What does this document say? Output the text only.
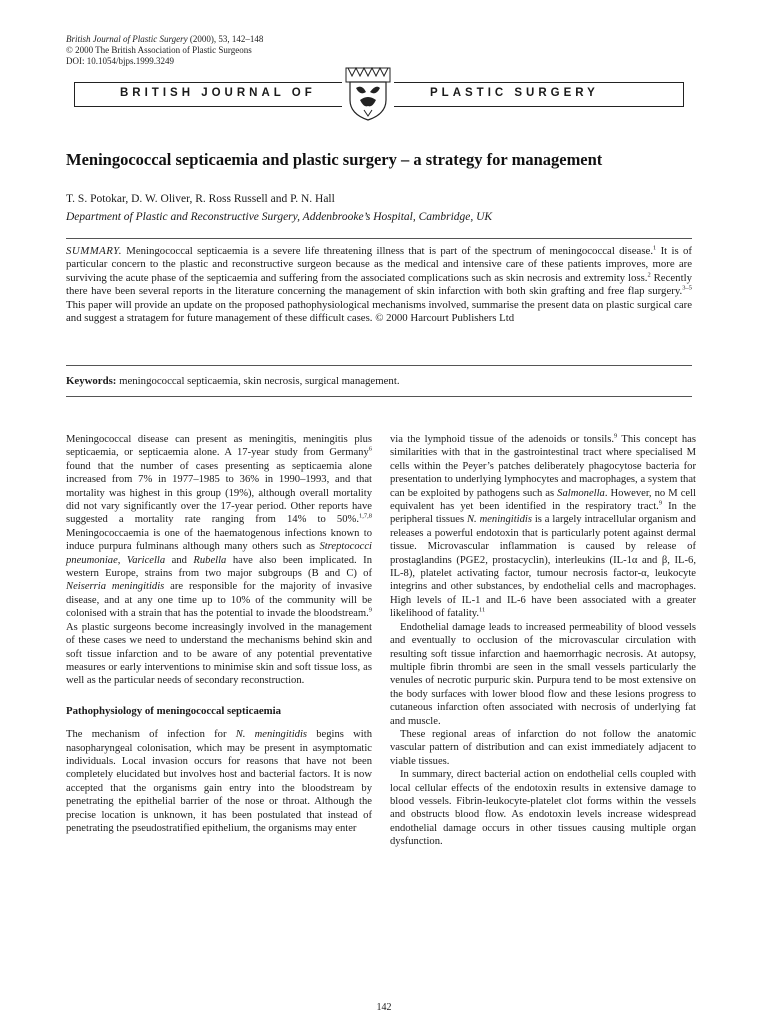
British Journal of Plastic Surgery (2000), 53, 142–148
© 2000 The British Association of Plastic Surgeons
DOI: 10.1054/bjps.1999.3249
BRITISH JOURNAL OF	PLASTIC SURGERY
Meningococcal septicaemia and plastic surgery – a strategy for management
T. S. Potokar, D. W. Oliver, R. Ross Russell and P. N. Hall
Department of Plastic and Reconstructive Surgery, Addenbrooke’s Hospital, Cambridge, UK
SUMMARY. Meningococcal septicaemia is a severe life threatening illness that is part of the spectrum of meningococcal disease.$^1$ It is of particular concern to the plastic and reconstructive surgeon because as the medical and intensive care of these patients improves, more are surviving the acute phase of the septicaemia and suffering from the associated complications such as skin necrosis and extremity loss.$^2$ Recently there have been several reports in the literature concerning the management of skin infarction with both skin grafting and free flap surgery.$^{3-5}$ This paper will provide an update on the proposed pathophysiological mechanisms involved, summarise the present data on plastic surgical care and suggest a stratagem for future management of these difficult cases. © 2000 Harcourt Publishers Ltd
Keywords: meningococcal septicaemia, skin necrosis, surgical management.

Meningococcal disease can present as meningitis, meningitis plus septicaemia, or septicaemia alone. A 17-year study from Germany$^6$ found that the number of cases presenting as septicaemia alone increased from 7% in 1977–1985 to 36% in 1990–1993, and that mortality was highest in this group (19%), although overall mortality did not vary significantly over the 17-year period. Other reports have suggested a mortality rate ranging from 14% to 50%.$^{1,7,8}$ Meningococcaemia is one of the haematogenous infections known to induce purpura fulminans although many others such as Streptococci pneumoniae, Varicella and Rubella have also been implicated. In western Europe, strains from two major subgroups (B and C) of Neiserria meningitidis are responsible for the majority of invasive disease, and at any one time up to 10% of the community will be colonised with a strain that has the potential to invade the bloodstream.$^9$ As plastic surgeons become increasingly involved in the management of these cases we need to understand the mechanisms behind skin and soft tissue infarction and to be aware of any potential preventative measures or early interventions to minimise skin and soft tissue loss, as well as the particular needs of secondary reconstruction.

Pathophysiology of meningococcal septicaemia

The mechanism of infection for N. meningitidis begins with nasopharyngeal colonisation, which may be present in asymptomatic individuals. Local invasion occurs for reasons that have not been completely elucidated but involves host and bacterial factors. It is now accepted that the organisms gain entry into the bloodstream by penetrating the epithelial barrier of the nose or throat. Although the precise location is unknown, it has been postulated that instead of penetrating the pseudostratified epithelium, the organisms may enter

via the lymphoid tissue of the adenoids or tonsils.$^9$ This concept has similarities with that in the gastrointestinal tract where specialised M cells within the Peyer’s patches deliberately phagocytose bacteria for presentation to underlying lymphocytes and macrophages, a system that can be exploited by pathogens such as Salmonella. However, no M cell equivalent has yet been identified in the respiratory tract.$^9$ In the peripheral tissues N. meningitidis is a largely intracellular organism and releases a powerful endotoxin that is particularly potent against dermal tissue. Microvascular inflammation is caused by release of prostaglandins (PGE2, prostacyclin), interleukins (IL-1α and β, IL-6, IL-8), platelet activating factor, tumour necrosis factor-α, leukocyte integrins and other substances, by endothelial cells and macrophages. High levels of IL-1 and IL-6 have been associated with a greater likelihood of fatality.$^{11}$

Endothelial damage leads to increased permeability of blood vessels and eventually to occlusion of the microvascular circulation with resulting soft tissue infarction and haemorrhagic necrosis. At autopsy, multiple fibrin thrombi are seen in the small vessels particularly the venules of necrotic purpuric skin. Purpura tend to be most extensive on the body surfaces with lower blood flow and these lesions progress to cutaneous infarction often associated with necrosis of underlying fat and muscle.

These regional areas of infarction do not follow the anatomic vascular pattern of distribution and can exist immediately adjacent to viable tissues.

In summary, direct bacterial action on endothelial cells coupled with local cellular effects of the endotoxin results in extensive damage to blood vessels. Fibrin-leukocyte-platelet clot forms within the vessels and obstructs blood flow. As endotoxin levels increase widespread endothelial damage occurs in other tissues causing multiple organ dysfunction.

142
